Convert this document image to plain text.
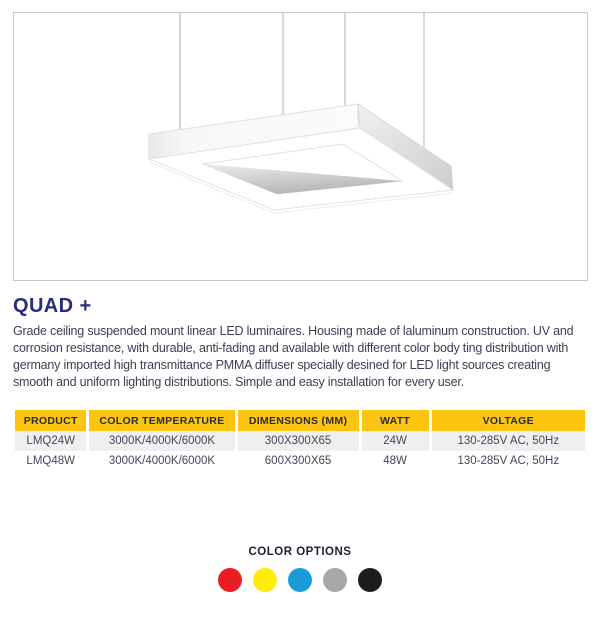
QUAD +

Grade ceiling suspended mount linear LED luminaires. Housing made of laluminum construction. UV and corrosion resistance, with durable, anti-fading and available with different color body ting distribution with germany imported high transmittance PMMA diffuser specially desined for LED light sources creating smooth and uniform lighting distributions. Simple and easy installation for every user.

PRODUCT	COLOR TEMPERATURE	DIMENSIONS (MM)	WATT	VOLTAGE
LMQ24W	3000K/4000K/6000K	300X300X65	24W	130-285V AC, 50Hz
LMQ48W	3000K/4000K/6000K	600X300X65	48W	130-285V AC, 50Hz
COLOR OPTIONS
